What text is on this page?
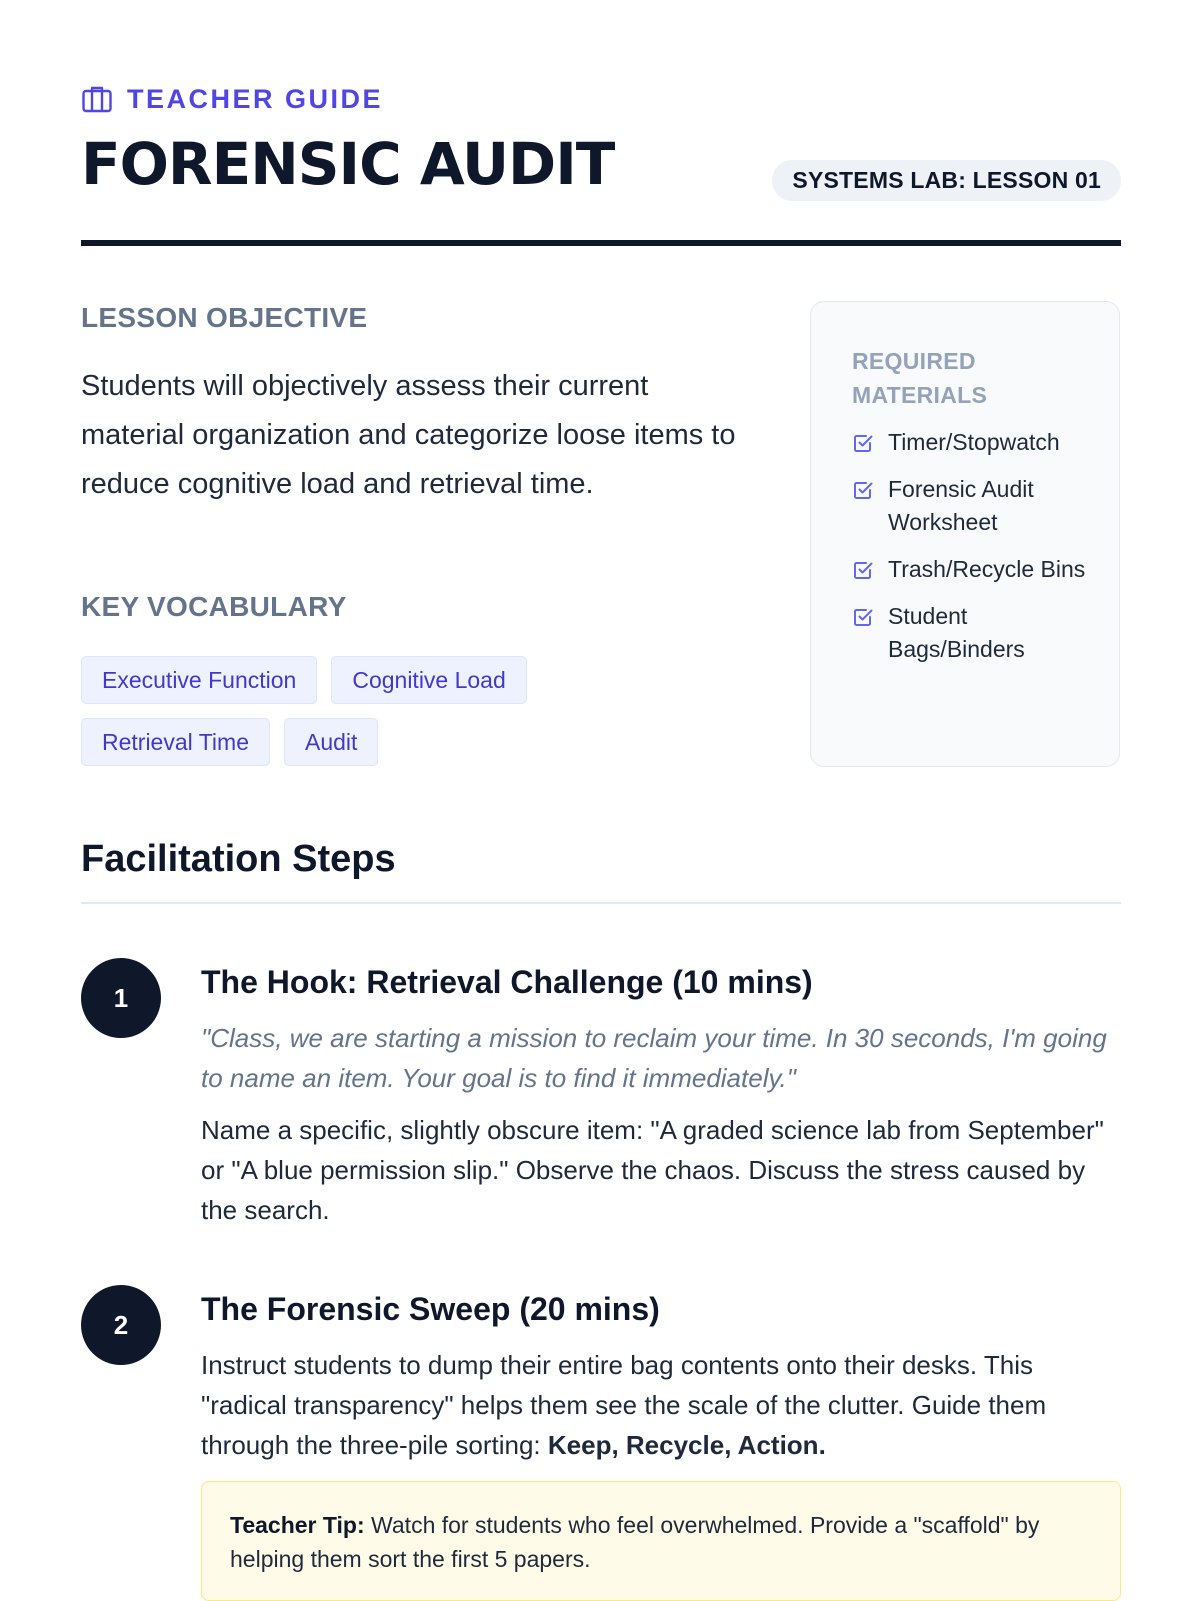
TEACHER GUIDE
FORENSIC AUDIT	SYSTEMS LAB: LESSON 01
LESSON OBJECTIVE
Students will objectively assess their current material organization and categorize loose items to reduce cognitive load and retrieval time.
KEY VOCABULARY
Executive Function	Cognitive Load
Retrieval Time	Audit
REQUIRED MATERIALS
Timer/Stopwatch
Forensic Audit Worksheet
Trash/Recycle Bins
Student Bags/Binders
Facilitation Steps
1	The Hook: Retrieval Challenge (10 mins)

"Class, we are starting a mission to reclaim your time. In 30 seconds, I'm going to name an item. Your goal is to find it immediately."

Name a specific, slightly obscure item: "A graded science lab from September" or "A blue permission slip." Observe the chaos. Discuss the stress caused by the search.

2	The Forensic Sweep (20 mins)

Instruct students to dump their entire bag contents onto their desks. This "radical transparency" helps them see the scale of the clutter. Guide them through the three-pile sorting: Keep, Recycle, Action.

Teacher Tip: Watch for students who feel overwhelmed. Provide a "scaffold" by helping them sort the first 5 papers.
